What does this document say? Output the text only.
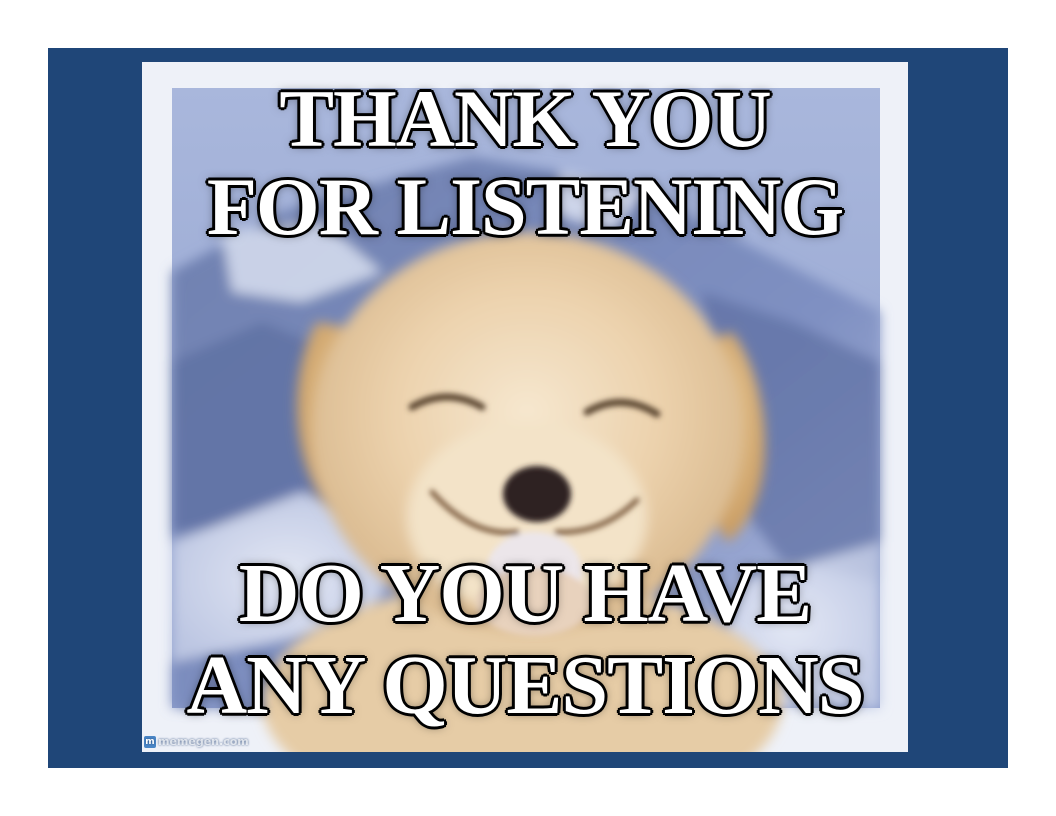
THANK YOU
FOR LISTENING
DO YOU HAVE
ANY QUESTIONS
m memegen.com
